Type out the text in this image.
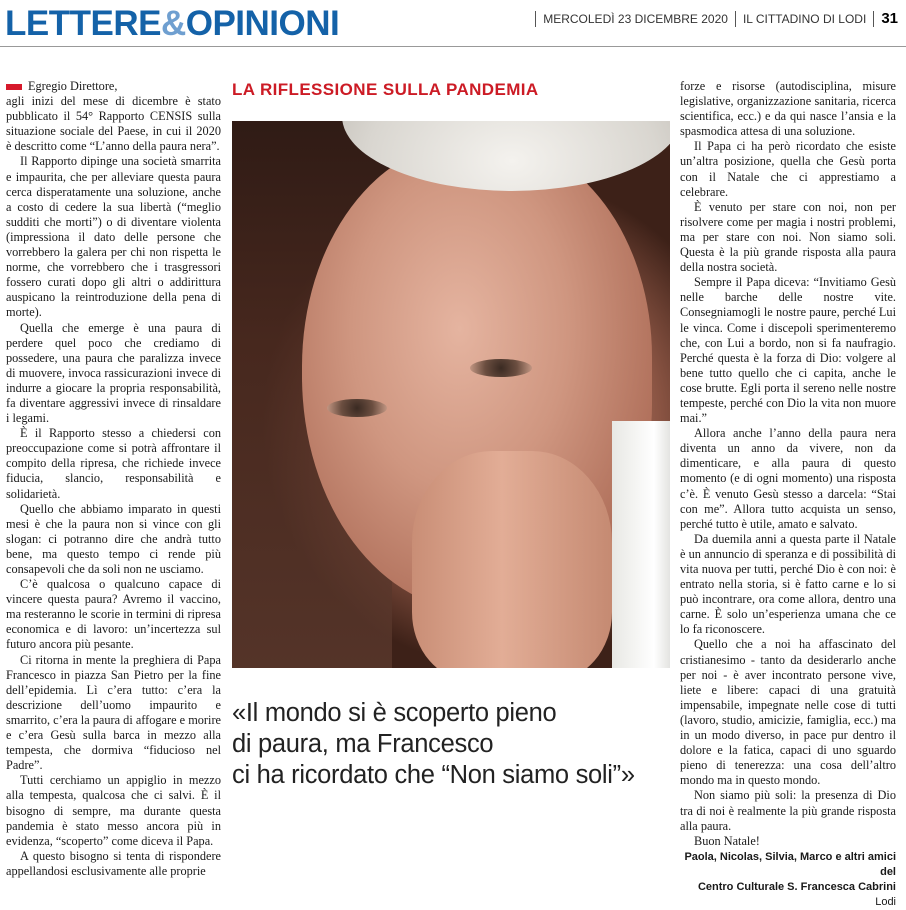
LETTERE&OPINIONI	MERCOLEDÌ 23 DICEMBRE 2020 IL CITTADINO DI LODI 31

Egregio Direttore,

agli inizi del mese di dicembre è stato pubblicato il 54° Rapporto CENSIS sulla situazione sociale del Paese, in cui il 2020 è descritto come “L’anno della paura nera”.

Il Rapporto dipinge una società smarrita e impaurita, che per alleviare questa paura cerca disperatamente una soluzione, anche a costo di cedere la sua libertà (“meglio sudditi che morti”) o di diventare violenta (impressiona il dato delle persone che vorrebbero la galera per chi non rispetta le norme, che vorrebbero che i trasgressori fossero curati dopo gli altri o addirittura auspicano la reintroduzione della pena di morte).

Quella che emerge è una paura di perdere quel poco che crediamo di possedere, una paura che paralizza invece di muovere, invoca rassicurazioni invece di indurre a giocare la propria responsabilità, fa diventare aggressivi invece di rinsaldare i legami.

È il Rapporto stesso a chiedersi con preoccupazione come si potrà affrontare il compito della ripresa, che richiede invece fiducia, slancio, responsabilità e solidarietà.

Quello che abbiamo imparato in questi mesi è che la paura non si vince con gli slogan: ci potranno dire che andrà tutto bene, ma questo tempo ci rende più consapevoli che da soli non ne usciamo.

C’è qualcosa o qualcuno capace di vincere questa paura? Avremo il vaccino, ma resteranno le scorie in termini di ripresa economica e di lavoro: un’incertezza sul futuro ancora più pesante.

Ci ritorna in mente la preghiera di Papa Francesco in piazza San Pietro per la fine dell’epidemia. Lì c’era tutto: c’era la descrizione dell’uomo impaurito e smarrito, c’era la paura di affogare e morire e c’era Gesù sulla barca in mezzo alla tempesta, che dormiva “fiducioso nel Padre”.

Tutti cerchiamo un appiglio in mezzo alla tempesta, qualcosa che ci salvi. È il bisogno di sempre, ma durante questa pandemia è stato messo ancora più in evidenza, “scoperto” come diceva il Papa.

A questo bisogno si tenta di rispondere appellandosi esclusivamente alle proprie

LA RIFLESSIONE SULLA PANDEMIA
«Il mondo si è scoperto pieno
di paura, ma Francesco
ci ha ricordato che “Non siamo soli”»

forze e risorse (autodisciplina, misure legislative, organizzazione sanitaria, ricerca scientifica, ecc.) e da qui nasce l’ansia e la spasmodica attesa di una soluzione.

Il Papa ci ha però ricordato che esiste un’altra posizione, quella che Gesù porta con il Natale che ci apprestiamo a celebrare.

È venuto per stare con noi, non per risolvere come per magia i nostri problemi, ma per stare con noi. Non siamo soli. Questa è la più grande risposta alla paura della nostra società.

Sempre il Papa diceva: “Invitiamo Gesù nelle barche delle nostre vite. Consegniamogli le nostre paure, perché Lui le vinca. Come i discepoli sperimenteremo che, con Lui a bordo, non si fa naufragio. Perché questa è la forza di Dio: volgere al bene tutto quello che ci capita, anche le cose brutte. Egli porta il sereno nelle nostre tempeste, perché con Dio la vita non muore mai.”

Allora anche l’anno della paura nera diventa un anno da vivere, non da dimenticare, e alla paura di questo momento (e di ogni momento) una risposta c’è. È venuto Gesù stesso a darcela: “Stai con me”. Allora tutto acquista un senso, perché tutto è utile, amato e salvato.

Da duemila anni a questa parte il Natale è un annuncio di speranza e di possibilità di vita nuova per tutti, perché Dio è con noi: è entrato nella storia, si è fatto carne e lo si può incontrare, ora come allora, dentro una carne. È solo un’esperienza umana che ce lo fa riconoscere.

Quello che a noi ha affascinato del cristianesimo - tanto da desiderarlo anche per noi - è aver incontrato persone vive, liete e libere: capaci di una gratuità impensabile, impegnate nelle cose di tutti (lavoro, studio, amicizie, famiglia, ecc.) ma in un modo diverso, in pace pur dentro il dolore e la fatica, capaci di uno sguardo pieno di tenerezza: una cosa dell’altro mondo ma in questo mondo.

Non siamo più soli: la presenza di Dio tra di noi è realmente la più grande risposta alla paura.

Buon Natale!

Paola, Nicolas, Silvia, Marco e altri amici del
Centro Culturale S. Francesca Cabrini
Lodi
